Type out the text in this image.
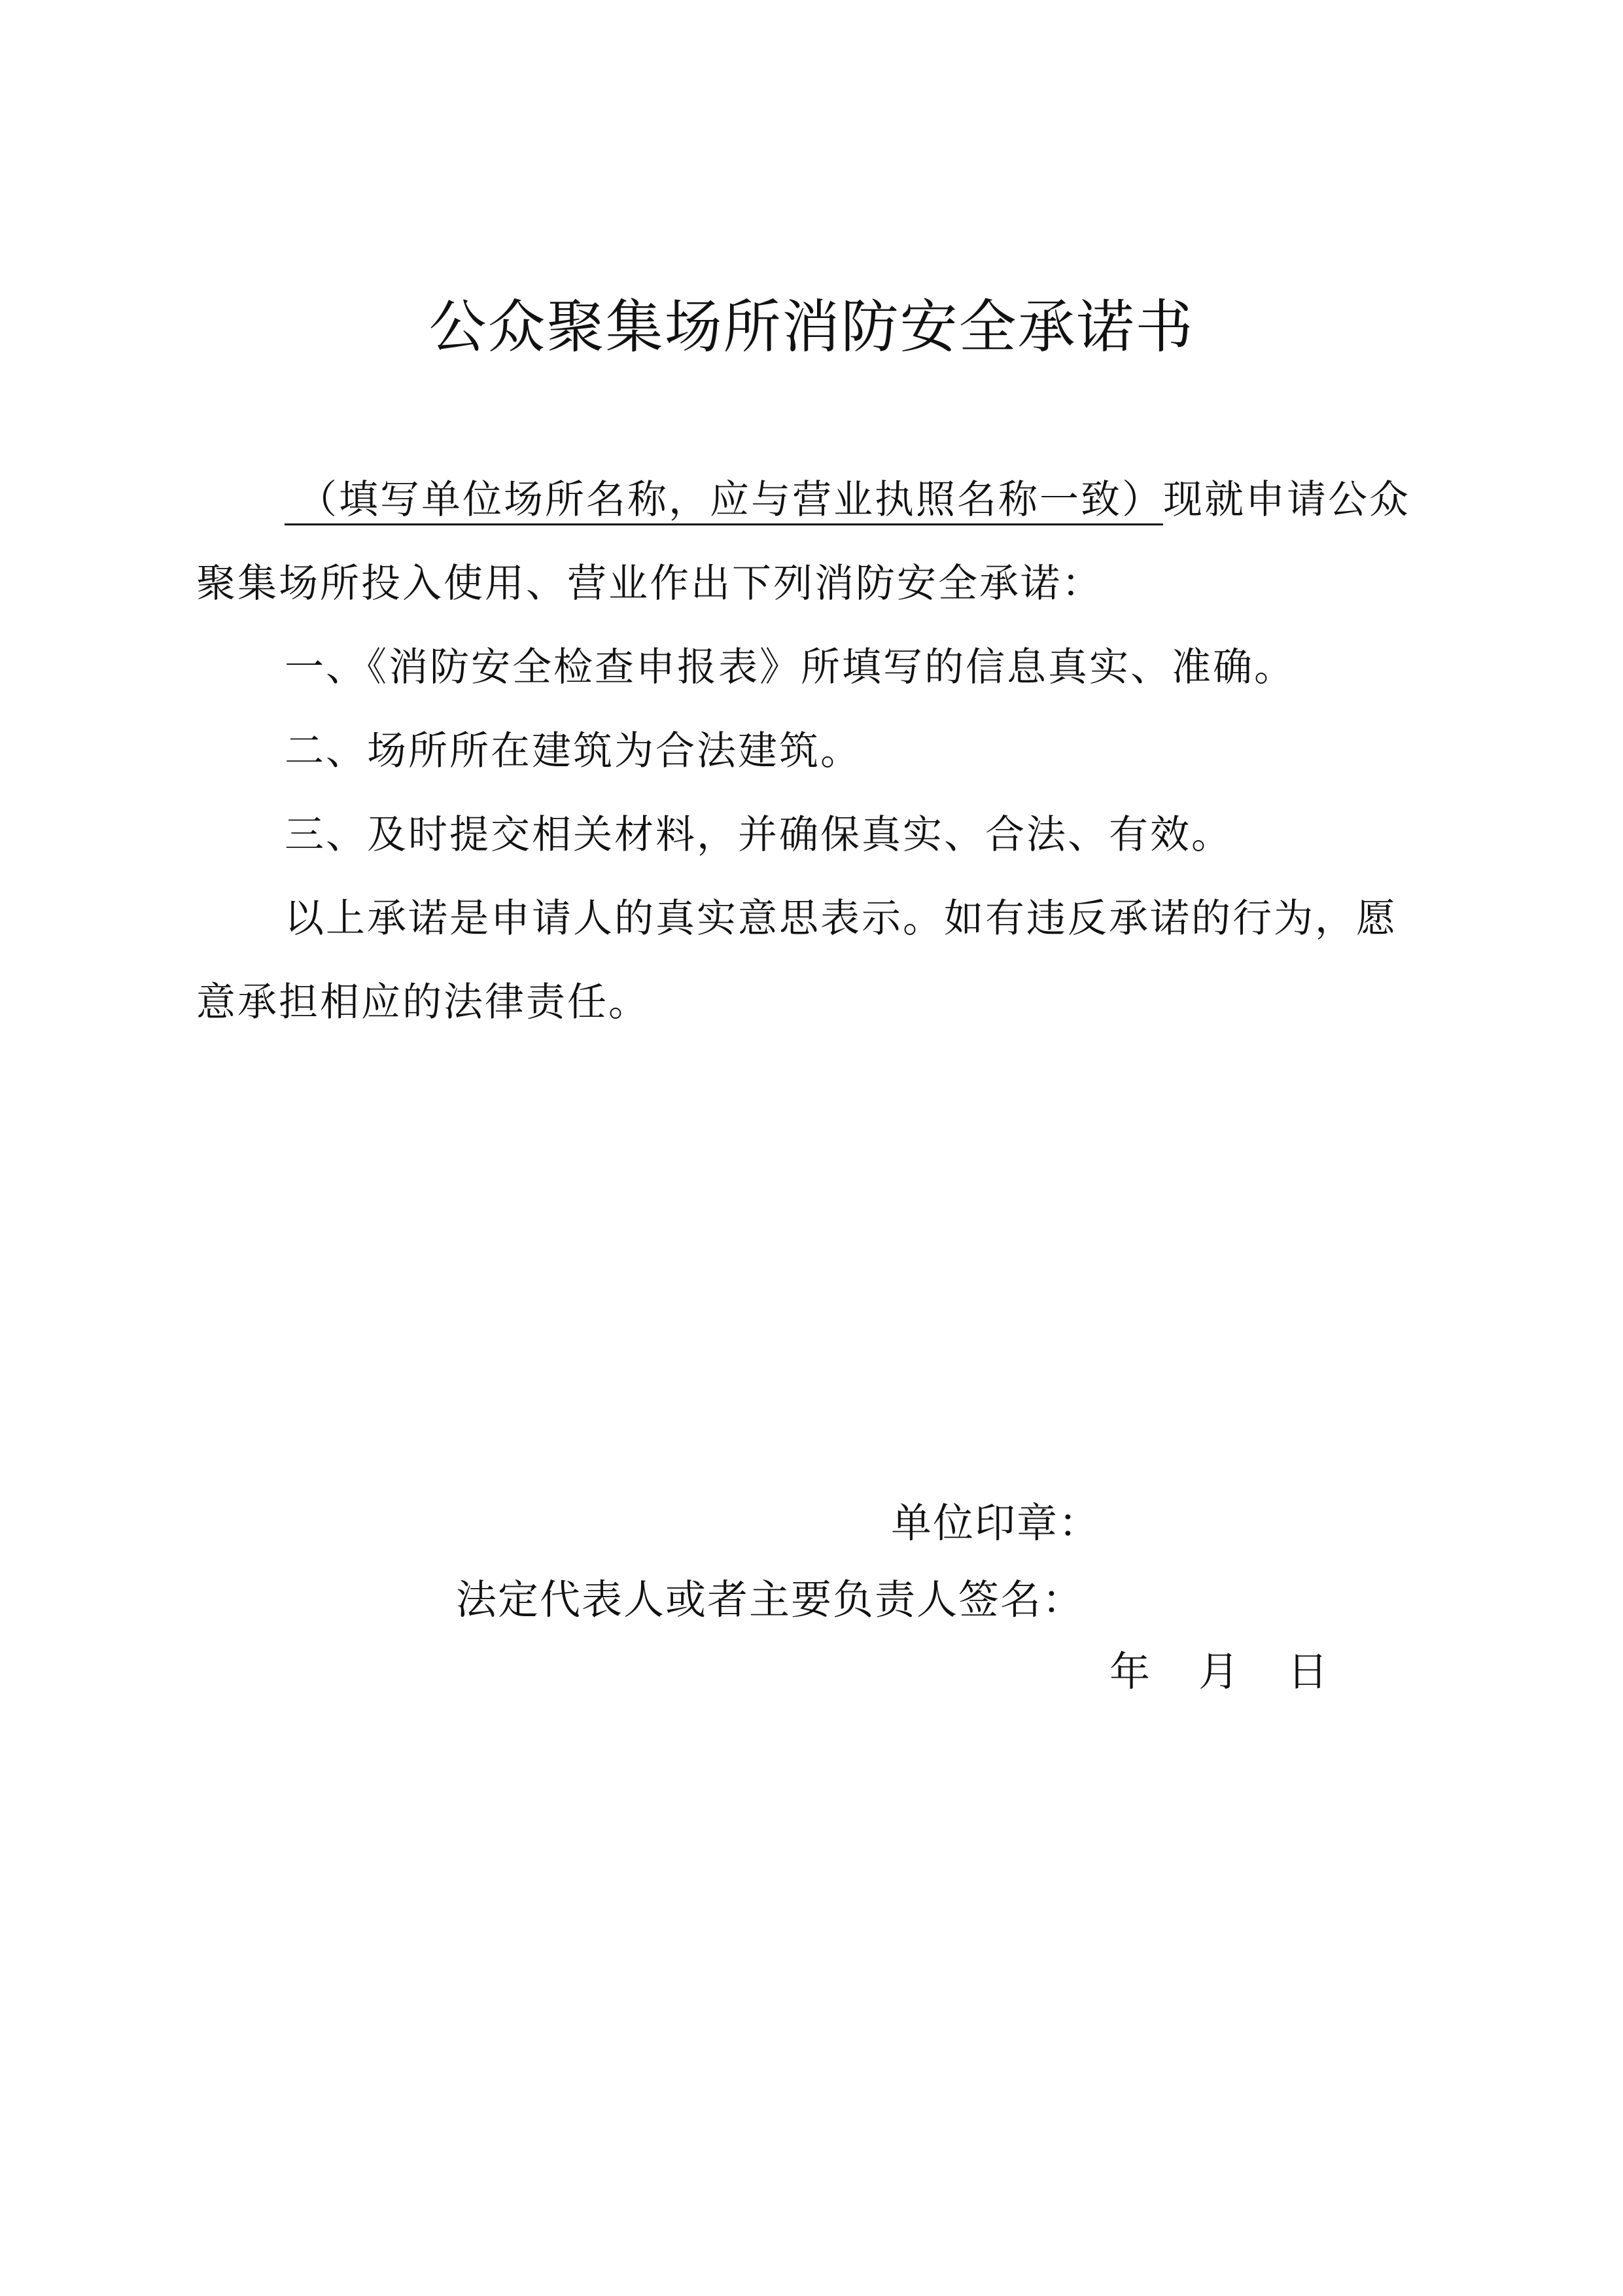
公众聚集场所消防安全承诺书

（填写单位场所名称，应与营业执照名称一致）现就申请公众聚集场所投入使用、营业作出下列消防安全承诺：

一、《消防安全检查申报表》所填写的信息真实、准确。

二、场所所在建筑为合法建筑。

三、及时提交相关材料，并确保真实、合法、有效。

以上承诺是申请人的真实意思表示。如有违反承诺的行为，愿意承担相应的法律责任。

单位印章：
法定代表人或者主要负责人签名：
年 月 日
